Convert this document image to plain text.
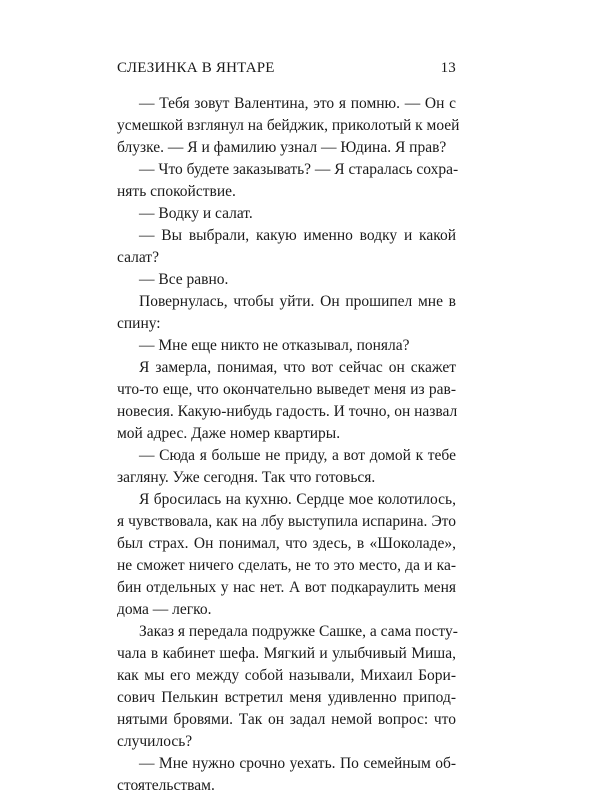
СЛЕЗИНКА В ЯНТАРЕ	13
— Тебя зовут Валентина, это я помню. — Он с
усмешкой взглянул на бейджик, приколотый к моей
блузке. — Я и фамилию узнал — Юдина. Я прав?
— Что будете заказывать? — Я старалась сохра-
нять спокойствие.
— Водку и салат.
— Вы выбрали, какую именно водку и какой
салат?
— Все равно.
Повернулась, чтобы уйти. Он прошипел мне в
спину:
— Мне еще никто не отказывал, поняла?
Я замерла, понимая, что вот сейчас он скажет
что-то еще, что окончательно выведет меня из рав-
новесия. Какую-нибудь гадость. И точно, он назвал
мой адрес. Даже номер квартиры.
— Сюда я больше не приду, а вот домой к тебе
загляну. Уже сегодня. Так что готовься.
Я бросилась на кухню. Сердце мое колотилось,
я чувствовала, как на лбу выступила испарина. Это
был страх. Он понимал, что здесь, в «Шоколаде»,
не сможет ничего сделать, не то это место, да и ка-
бин отдельных у нас нет. А вот подкараулить меня
дома — легко.
Заказ я передала подружке Сашке, а сама посту-
чала в кабинет шефа. Мягкий и улыбчивый Миша,
как мы его между собой называли, Михаил Бори-
сович Пелькин встретил меня удивленно припод-
нятыми бровями. Так он задал немой вопрос: что
случилось?
— Мне нужно срочно уехать. По семейным об-
стоятельствам.
